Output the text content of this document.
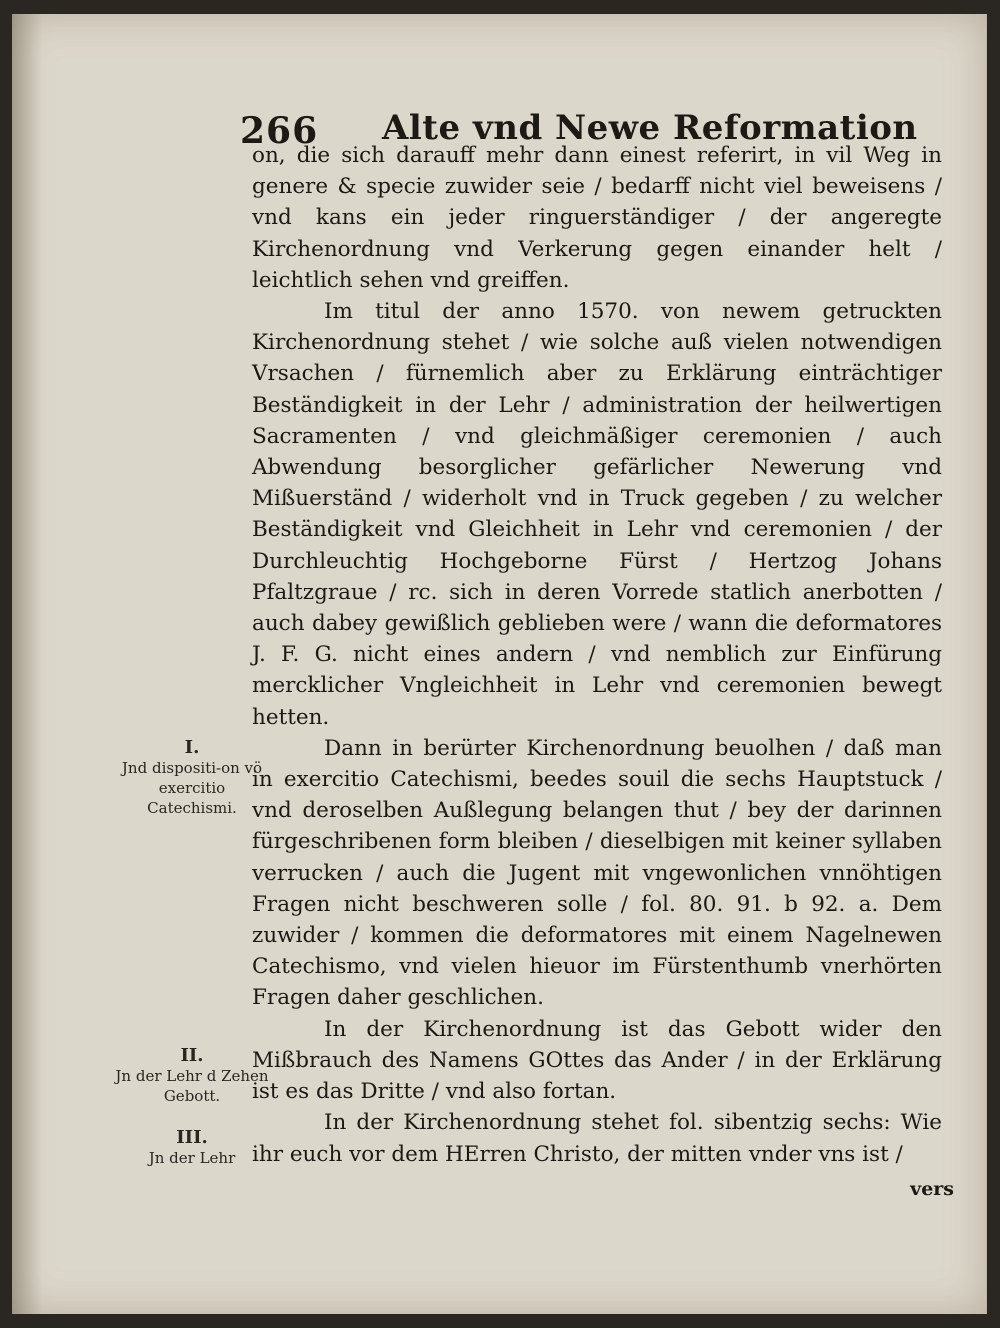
266 Alte vnd Newe Reformation

on, die sich darauff mehr dann einest referirt, in vil Weg in genere & specie zuwider seie / bedarff nicht viel beweisens / vnd kans ein jeder ringuerständiger / der angeregte Kirchenordnung vnd Verkerung gegen einander helt / leichtlich sehen vnd greiffen.

Im titul der anno 1570. von newem getruckten Kirchenordnung stehet / wie solche auß vielen notwendigen Vrsachen / fürnemlich aber zu Erklärung einträchtiger Beständigkeit in der Lehr / administration der heilwertigen Sacramenten / vnd gleichmäßiger ceremonien / auch Abwendung besorglicher gefärlicher Newerung vnd Mißuerständ / widerholt vnd in Truck gegeben / zu welcher Beständigkeit vnd Gleichheit in Lehr vnd ceremonien / der Durchleuchtig Hochgeborne Fürst / Hertzog Johans Pfaltzgraue / rc. sich in deren Vorrede statlich anerbotten / auch dabey gewißlich geblieben were / wann die deformatores J. F. G. nicht eines andern / vnd nemblich zur Einfürung mercklicher Vngleichheit in Lehr vnd ceremonien bewegt hetten.

Dann in berürter Kirchenordnung beuolhen / daß man in exercitio Catechismi, beedes souil die sechs Hauptstuck / vnd deroselben Außlegung belangen thut / bey der darinnen fürgeschribenen form bleiben / dieselbigen mit keiner syllaben verrucken / auch die Jugent mit vngewonlichen vnnöhtigen Fragen nicht beschweren solle / fol. 80. 91. b 92. a. Dem zuwider / kommen die deformatores mit einem Nagelnewen Catechismo, vnd vielen hieuor im Fürstenthumb vnerhörten Fragen daher geschlichen.

In der Kirchenordnung ist das Gebott wider den Mißbrauch des Namens GOttes das Ander / in der Erklärung ist es das Dritte / vnd also fortan.

In der Kirchenordnung stehet fol. sibentzig sechs: Wie ihr euch vor dem HErren Christo, der mitten vnder vns ist /

I.
Jnd dispositi-on vö exercitio Catechismi.
II.
Jn der Lehr d Zehen Gebott.
III.
Jn der Lehr
vers
